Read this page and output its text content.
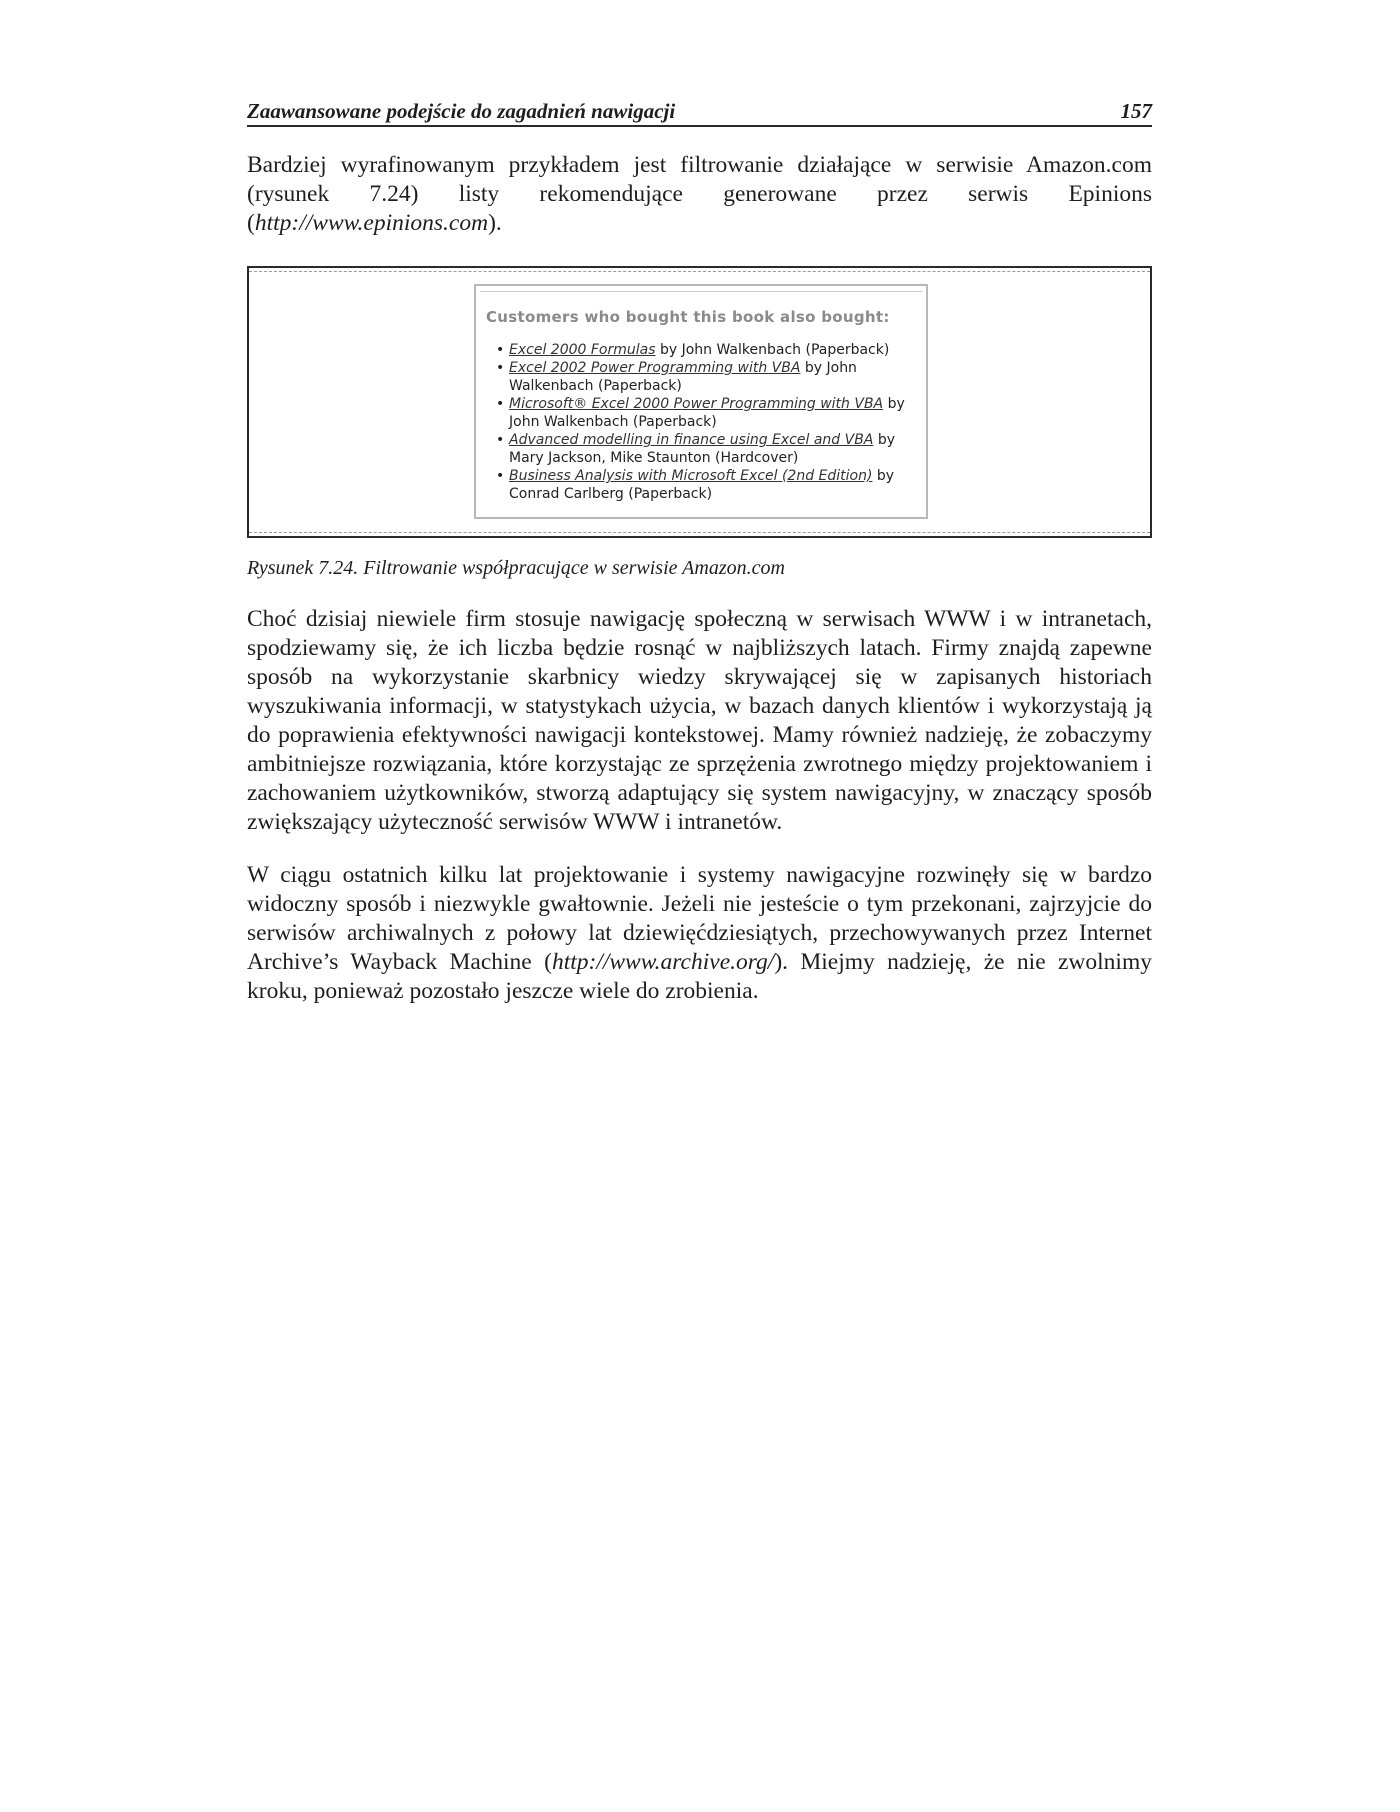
Zaawansowane podejście do zagadnień nawigacji	157

Bardziej wyrafinowanym przykładem jest filtrowanie działające w serwisie Amazon.com (rysunek 7.24) listy rekomendujące generowane przez serwis Epinions (http://www.epinions.com).

Customers who bought this book also bought:
• Excel 2000 Formulas by John Walkenbach (Paperback)
• Excel 2002 Power Programming with VBA by John Walkenbach (Paperback)
• Microsoft® Excel 2000 Power Programming with VBA by John Walkenbach (Paperback)
• Advanced modelling in finance using Excel and VBA by Mary Jackson, Mike Staunton (Hardcover)
• Business Analysis with Microsoft Excel (2nd Edition) by Conrad Carlberg (Paperback)
Rysunek 7.24. Filtrowanie współpracujące w serwisie Amazon.com

Choć dzisiaj niewiele firm stosuje nawigację społeczną w serwisach WWW i w intranetach, spodziewamy się, że ich liczba będzie rosnąć w najbliższych latach. Firmy znajdą zapewne sposób na wykorzystanie skarbnicy wiedzy skrywającej się w zapisanych historiach wyszukiwania informacji, w statystykach użycia, w bazach danych klientów i wykorzystają ją do poprawienia efektywności nawigacji kontekstowej. Mamy również nadzieję, że zobaczymy ambitniejsze rozwiązania, które korzystając ze sprzężenia zwrotnego między projektowaniem i zachowaniem użytkowników, stworzą adaptujący się system nawigacyjny, w znaczący sposób zwiększający użyteczność serwisów WWW i intranetów.

W ciągu ostatnich kilku lat projektowanie i systemy nawigacyjne rozwinęły się w bardzo widoczny sposób i niezwykle gwałtownie. Jeżeli nie jesteście o tym przekonani, zajrzyjcie do serwisów archiwalnych z połowy lat dziewięćdziesiątych, przechowywanych przez Internet Archive’s Wayback Machine (http://www.archive.org/). Miejmy nadzieję, że nie zwolnimy kroku, ponieważ pozostało jeszcze wiele do zrobienia.
